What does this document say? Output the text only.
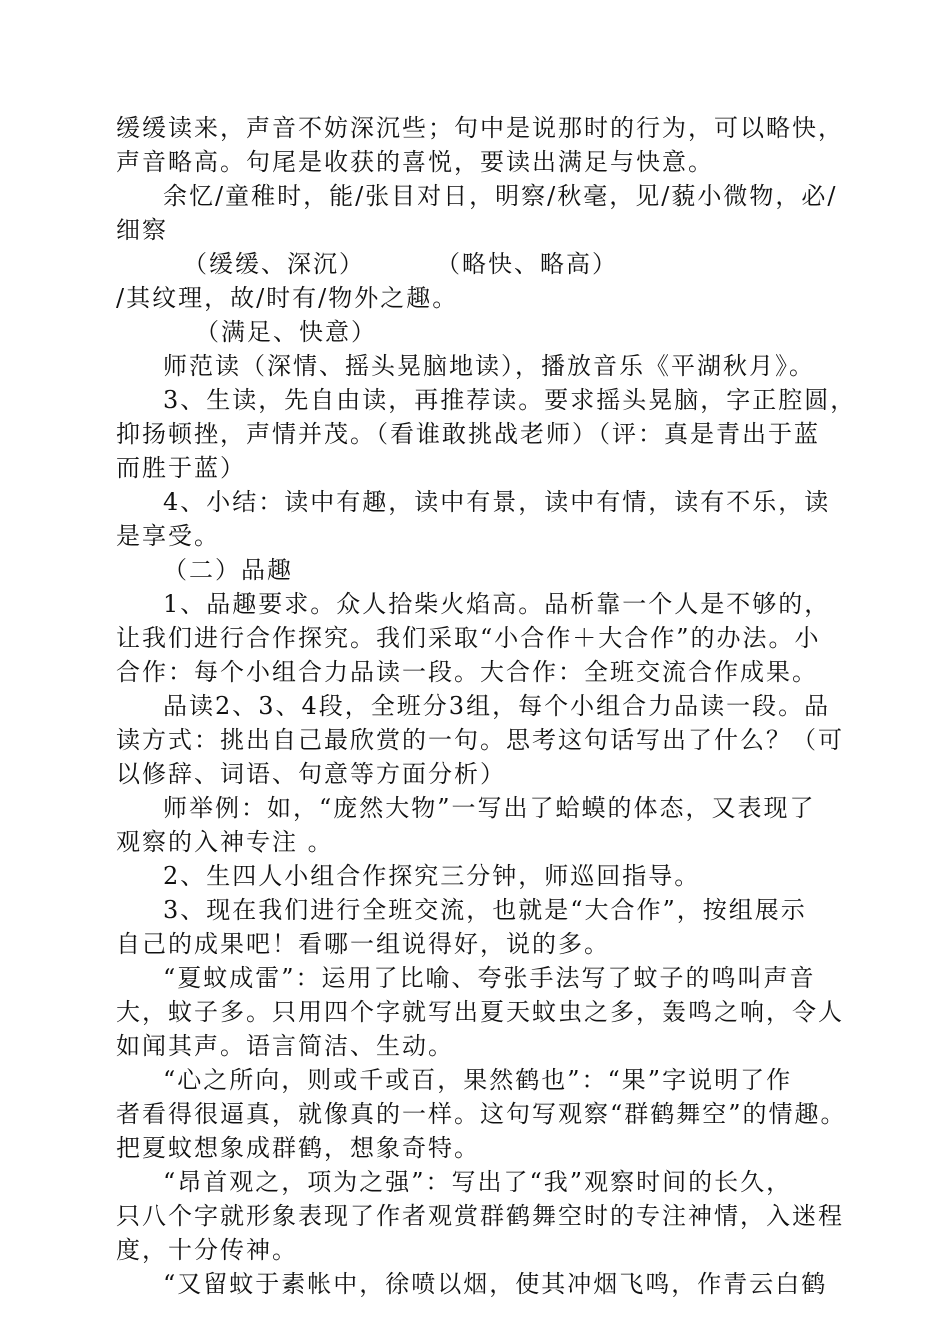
缓缓读来，声音不妨深沉些；句中是说那时的行为，可以略快，
声音略高。句尾是收获的喜悦，要读出满足与快意。
余忆/童稚时，能/张目对日，明察/秋毫，见/藐小微物，必/
细察
（缓缓、深沉）	（略快、略高）
/其纹理，故/时有/物外之趣。
（满足、快意）
师范读（深情、摇头晃脑地读），播放音乐《平湖秋月》。
3、生读，先自由读，再推荐读。要求摇头晃脑，字正腔圆，
抑扬顿挫，声情并茂。（看谁敢挑战老师）（评：真是青出于蓝
而胜于蓝）
4、小结：读中有趣，读中有景，读中有情，读有不乐，读
是享受。
（二）品趣
1、品趣要求。众人拾柴火焰高。品析靠一个人是不够的，
让我们进行合作探究。我们采取“小合作＋大合作”的办法。小
合作：每个小组合力品读一段。大合作：全班交流合作成果。
品读2、3、4段，全班分3组，每个小组合力品读一段。品
读方式：挑出自己最欣赏的一句。思考这句话写出了什么？（可
以修辞、词语、句意等方面分析）
师举例：如，“庞然大物”一写出了蛤蟆的体态，又表现了
观察的入神专注 。
2、生四人小组合作探究三分钟，师巡回指导。
3、现在我们进行全班交流，也就是“大合作”，按组展示
自己的成果吧！看哪一组说得好，说的多。
“夏蚊成雷”：运用了比喻、夸张手法写了蚊子的鸣叫声音
大，蚊子多。只用四个字就写出夏天蚊虫之多，轰鸣之响，令人
如闻其声。语言简洁、生动。
“心之所向，则或千或百，果然鹤也”：“果”字说明了作
者看得很逼真，就像真的一样。这句写观察“群鹤舞空”的情趣。
把夏蚊想象成群鹤，想象奇特。
“昂首观之，项为之强”：写出了“我”观察时间的长久，
只八个字就形象表现了作者观赏群鹤舞空时的专注神情，入迷程
度，十分传神。
“又留蚊于素帐中，徐喷以烟，使其冲烟飞鸣，作青云白鹤
